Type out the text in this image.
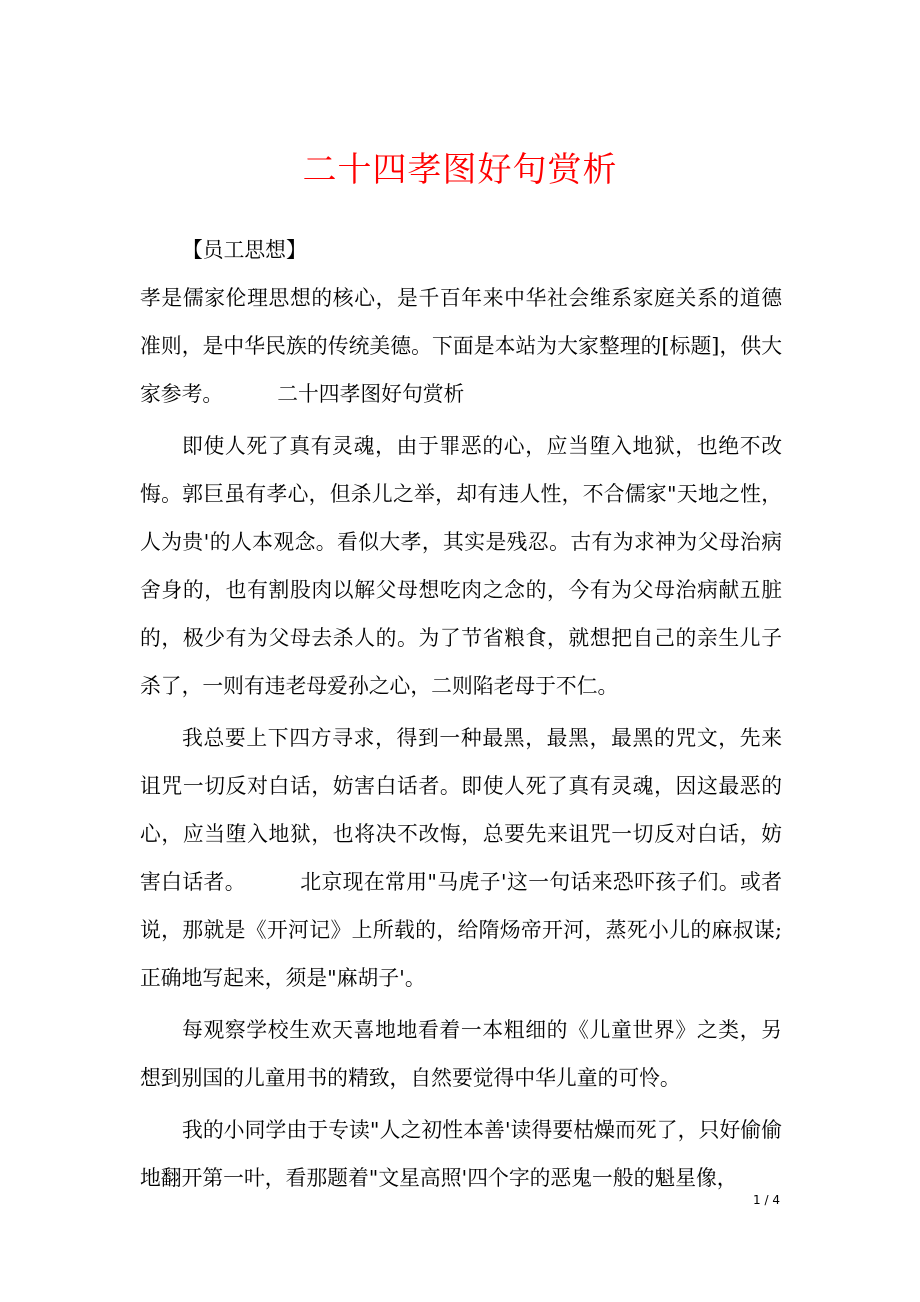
二十四孝图好句赏析

【员工思想】

孝是儒家伦理思想的核心，是千百年来中华社会维系家庭关系的道德准则，是中华民族的传统美德。下面是本站为大家整理的[标题]，供大家参考。	二十四孝图好句赏析

即使人死了真有灵魂，由于罪恶的心，应当堕入地狱，也绝不改悔。郭巨虽有孝心，但杀儿之举，却有违人性，不合儒家"天地之性，人为贵'的人本观念。看似大孝，其实是残忍。古有为求神为父母治病舍身的，也有割股肉以解父母想吃肉之念的，今有为父母治病献五脏的，极少有为父母去杀人的。为了节省粮食，就想把自己的亲生儿子杀了，一则有违老母爱孙之心，二则陷老母于不仁。

我总要上下四方寻求，得到一种最黑，最黑，最黑的咒文，先来诅咒一切反对白话，妨害白话者。即使人死了真有灵魂，因这最恶的心，应当堕入地狱，也将决不改悔，总要先来诅咒一切反对白话，妨害白话者。	北京现在常用"马虎子'这一句话来恐吓孩子们。或者说，那就是《开河记》上所载的，给隋炀帝开河，蒸死小儿的麻叔谋;正确地写起来，须是"麻胡子'。

每观察学校生欢天喜地地看着一本粗细的《儿童世界》之类，另想到别国的儿童用书的精致，自然要觉得中华儿童的可怜。

我的小同学由于专读"人之初性本善'读得要枯燥而死了，只好偷偷地翻开第一叶，看那题着"文星高照'四个字的恶鬼一般的魁星像，

1 / 4
